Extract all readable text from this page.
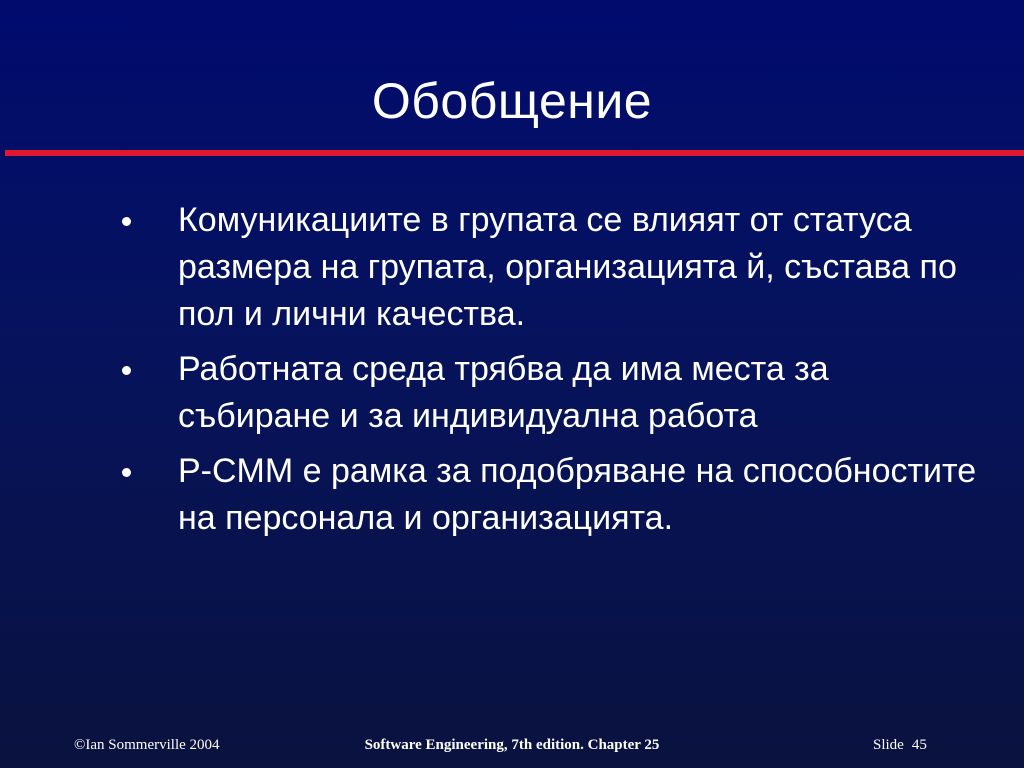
Обобщение
Комуникациите в групата се влияят от статуса размера на групата, организацията й, състава по пол и лични качества.
Работната среда трябва да има места за събиране и за индивидуална работа
P-CMM е рамка за подобряване на способностите на персонала и организацията.
Software Engineering, 7th edition. Chapter 25
©Ian Sommerville 2004	Slide 45
